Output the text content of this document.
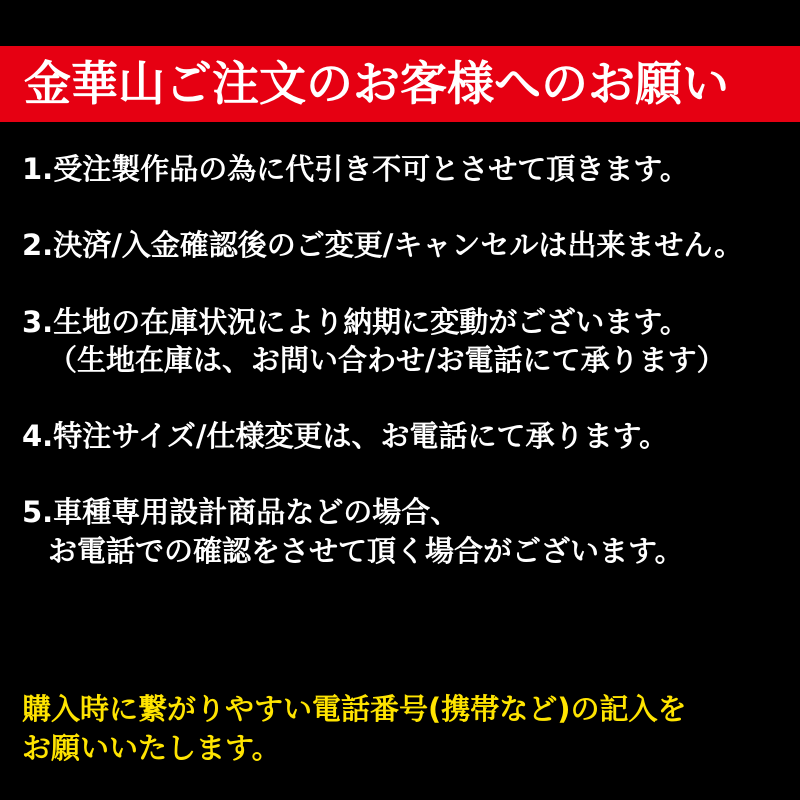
金華山ご注文のお客様へのお願い
1.受注製作品の為に代引き不可とさせて頂きます。
2.決済/入金確認後のご変更/キャンセルは出来ません。
3.生地の在庫状況により納期に変動がございます。
（生地在庫は、お問い合わせ/お電話にて承ります）
4.特注サイズ/仕様変更は、お電話にて承ります。
5.車種専用設計商品などの場合、
お電話での確認をさせて頂く場合がございます。
購入時に繋がりやすい電話番号(携帯など)の記入を
お願いいたします。
